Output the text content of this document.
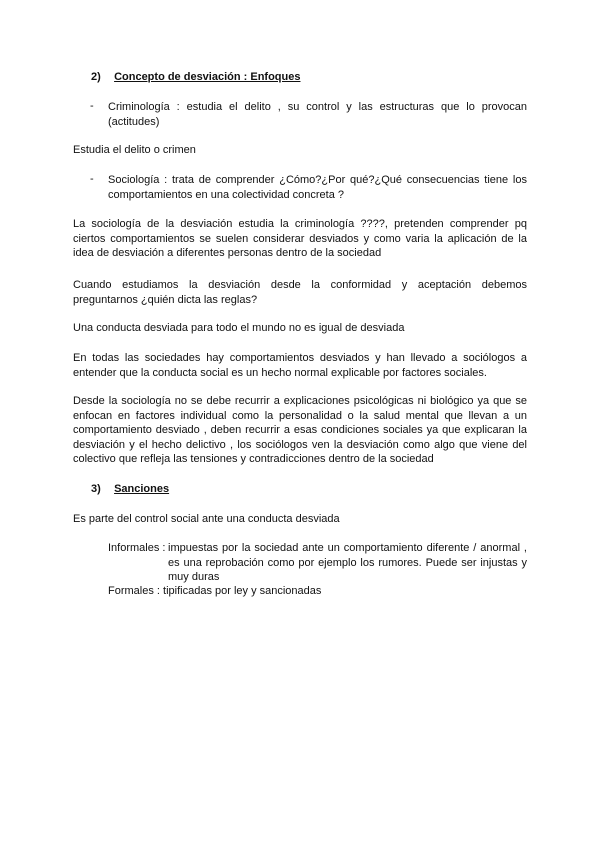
2) Concepto de desviación : Enfoques
- Criminología : estudia el delito , su control y las estructuras que lo provocan
(actitudes)
Estudia el delito o crimen
- Sociología : trata de comprender ¿Cómo?¿Por qué?¿Qué consecuencias tiene los
comportamientos en una colectividad concreta ?
La sociología de la desviación estudia la criminología ????, pretenden comprender pq
ciertos comportamientos se suelen considerar desviados y como varia la aplicación de la
idea de desviación a diferentes personas dentro de la sociedad
Cuando estudiamos la desviación desde la conformidad y aceptación debemos
preguntarnos ¿quién dicta las reglas?
Una conducta desviada para todo el mundo no es igual de desviada
En todas las sociedades hay comportamientos desviados y han llevado a sociólogos a
entender que la conducta social es un hecho normal explicable por factores sociales.
Desde la sociología no se debe recurrir a explicaciones psicológicas ni biológico ya que se
enfocan en factores individual como la personalidad o la salud mental que llevan a un
comportamiento desviado , deben recurrir a esas condiciones sociales ya que explicaran la
desviación y el hecho delictivo , los sociólogos ven la desviación como algo que viene del
colectivo que refleja las tensiones y contradicciones dentro de la sociedad
3) Sanciones
Es parte del control social ante una conducta desviada
Informales : impuestas por la sociedad ante un comportamiento diferente / anormal ,
es una reprobación como por ejemplo los rumores. Puede ser injustas y
muy duras
Formales : tipificadas por ley y sancionadas
